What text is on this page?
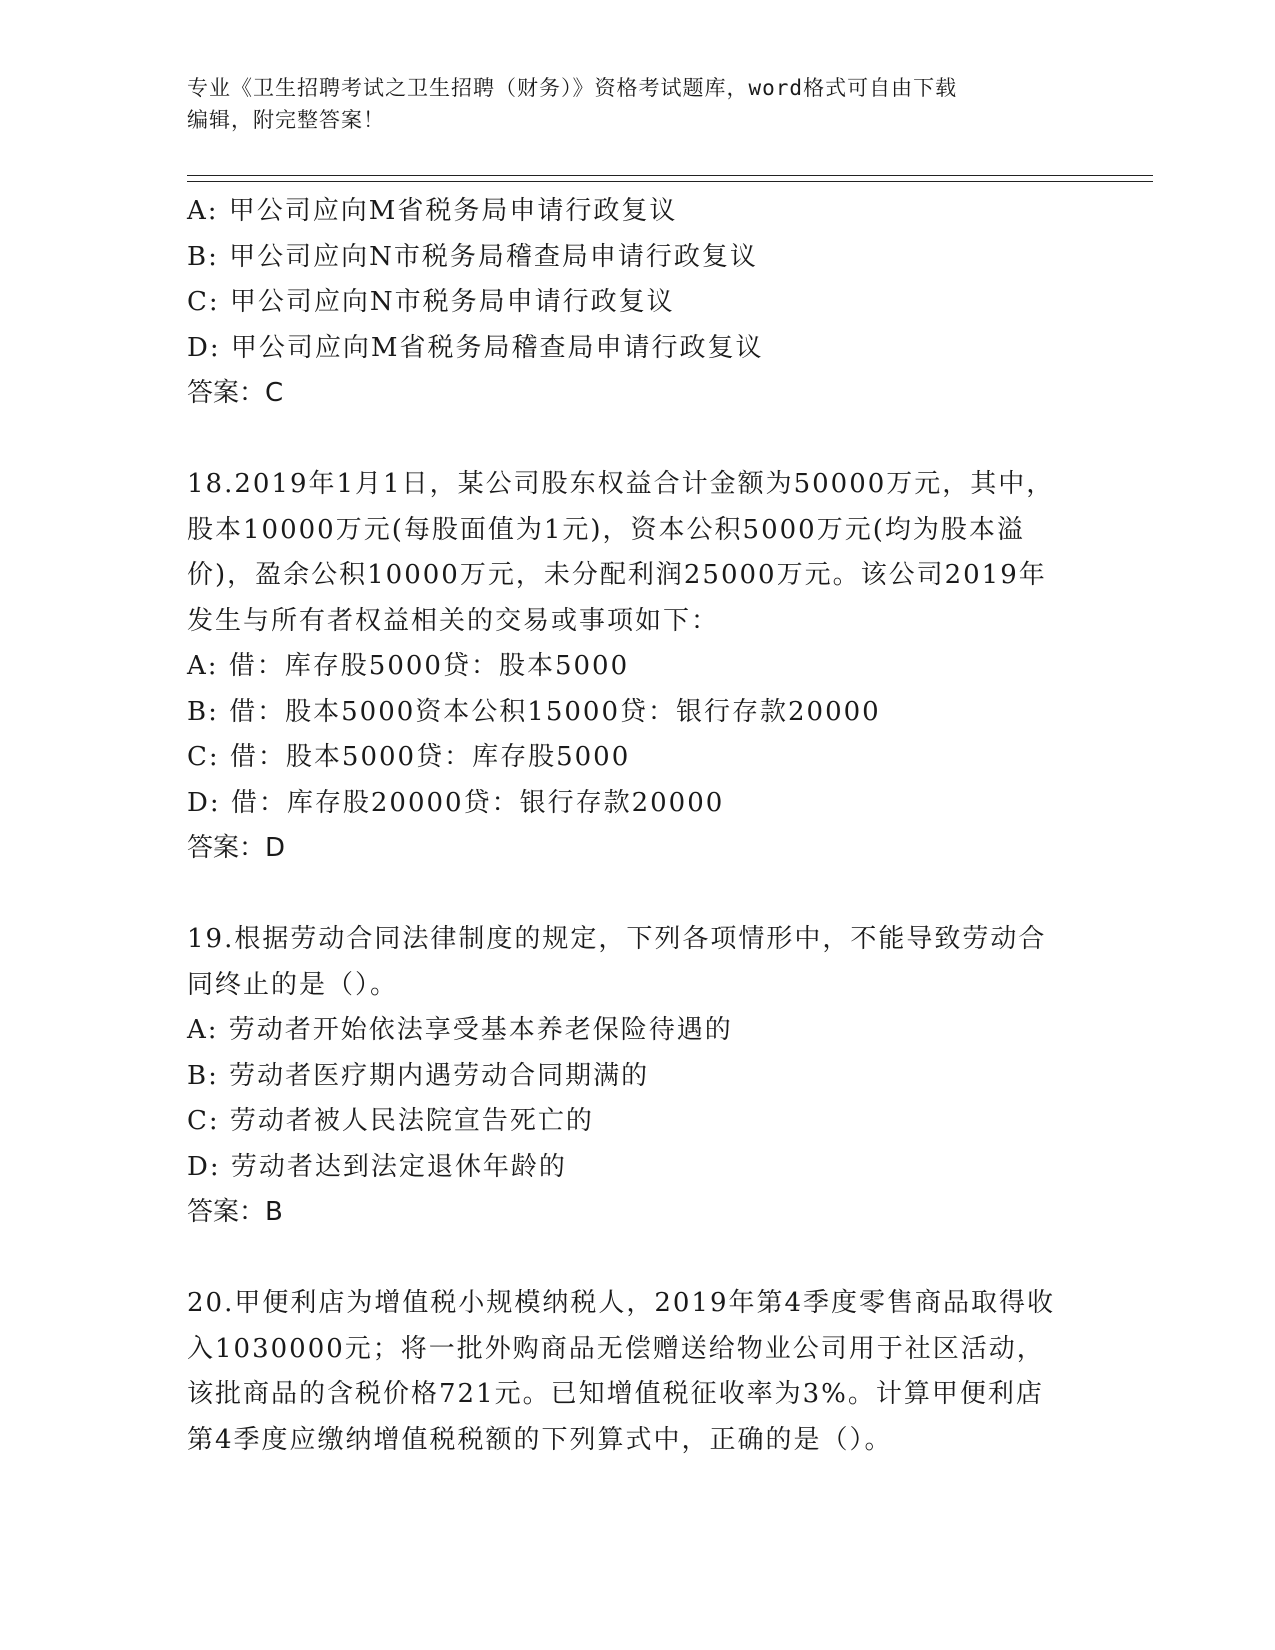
专业《卫生招聘考试之卫生招聘（财务）》资格考试题库，word格式可自由下载
编辑，附完整答案！
A: 甲公司应向M省税务局申请行政复议
B: 甲公司应向N市税务局稽查局申请行政复议
C: 甲公司应向N市税务局申请行政复议
D: 甲公司应向M省税务局稽查局申请行政复议
答案：C
18.2019年1月1日，某公司股东权益合计金额为50000万元，其中，
股本10000万元(每股面值为1元)，资本公积5000万元(均为股本溢
价)，盈余公积10000万元，未分配利润25000万元。该公司2019年
发生与所有者权益相关的交易或事项如下：
A: 借：库存股5000贷：股本5000
B: 借：股本5000资本公积15000贷：银行存款20000
C: 借：股本5000贷：库存股5000
D: 借：库存股20000贷：银行存款20000
答案：D
19.根据劳动合同法律制度的规定，下列各项情形中，不能导致劳动合
同终止的是（）。
A: 劳动者开始依法享受基本养老保险待遇的
B: 劳动者医疗期内遇劳动合同期满的
C: 劳动者被人民法院宣告死亡的
D: 劳动者达到法定退休年龄的
答案：B
20.甲便利店为增值税小规模纳税人，2019年第4季度零售商品取得收
入1030000元；将一批外购商品无偿赠送给物业公司用于社区活动，
该批商品的含税价格721元。已知增值税征收率为3%。计算甲便利店
第4季度应缴纳增值税税额的下列算式中，正确的是（）。
